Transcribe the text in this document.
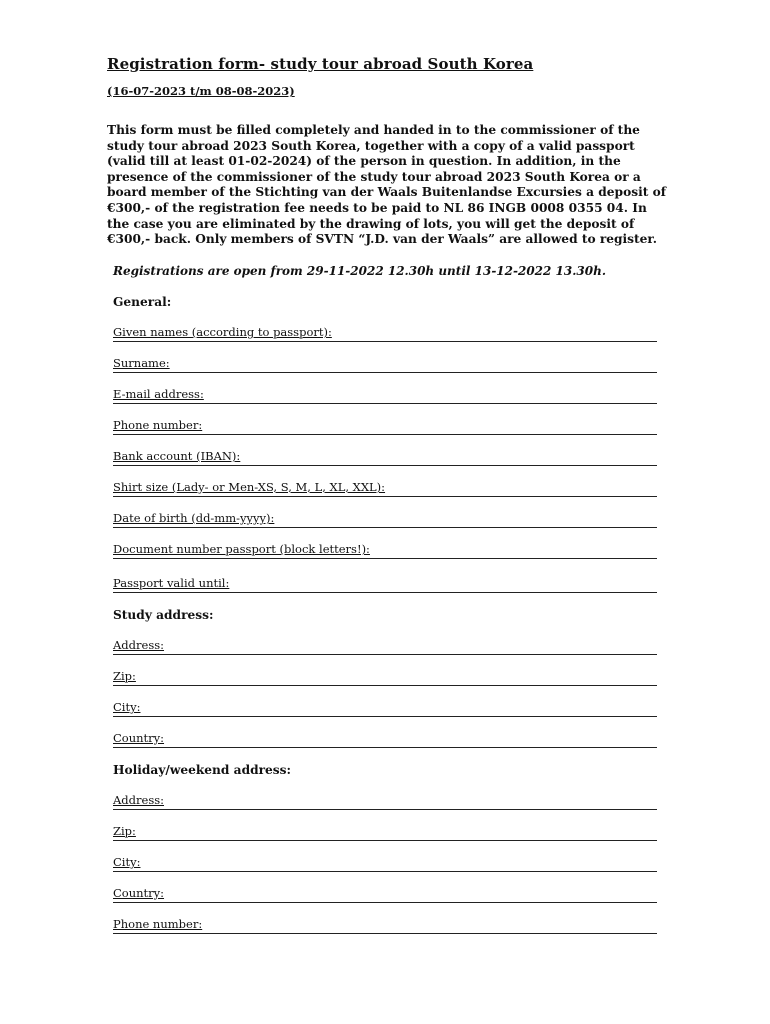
Registration form- study tour abroad South Korea
(16-07-2023 t/m 08-08-2023)

This form must be filled completely and handed in to the commissioner of the study tour abroad 2023 South Korea, together with a copy of a valid passport (valid till at least 01-02-2024) of the person in question. In addition, in the presence of the commissioner of the study tour abroad 2023 South Korea or a board member of the Stichting van der Waals Buitenlandse Excursies a deposit of €300,- of the registration fee needs to be paid to NL 86 INGB 0008 0355 04. In the case you are eliminated by the drawing of lots, you will get the deposit of €300,- back. Only members of SVTN “J.D. van der Waals” are allowed to register.

Registrations are open from 29-11-2022 12.30h until 13-12-2022 13.30h.
General:
Given names (according to passport):
Surname:
E-mail address:
Phone number:
Bank account (IBAN):
Shirt size (Lady- or Men-XS, S, M, L, XL, XXL):
Date of birth (dd-mm-yyyy):
Document number passport (block letters!):
Passport valid until:
Study address:
Address:
Zip:
City:
Country:
Holiday/weekend address:
Address:
Zip:
City:
Country:
Phone number:
